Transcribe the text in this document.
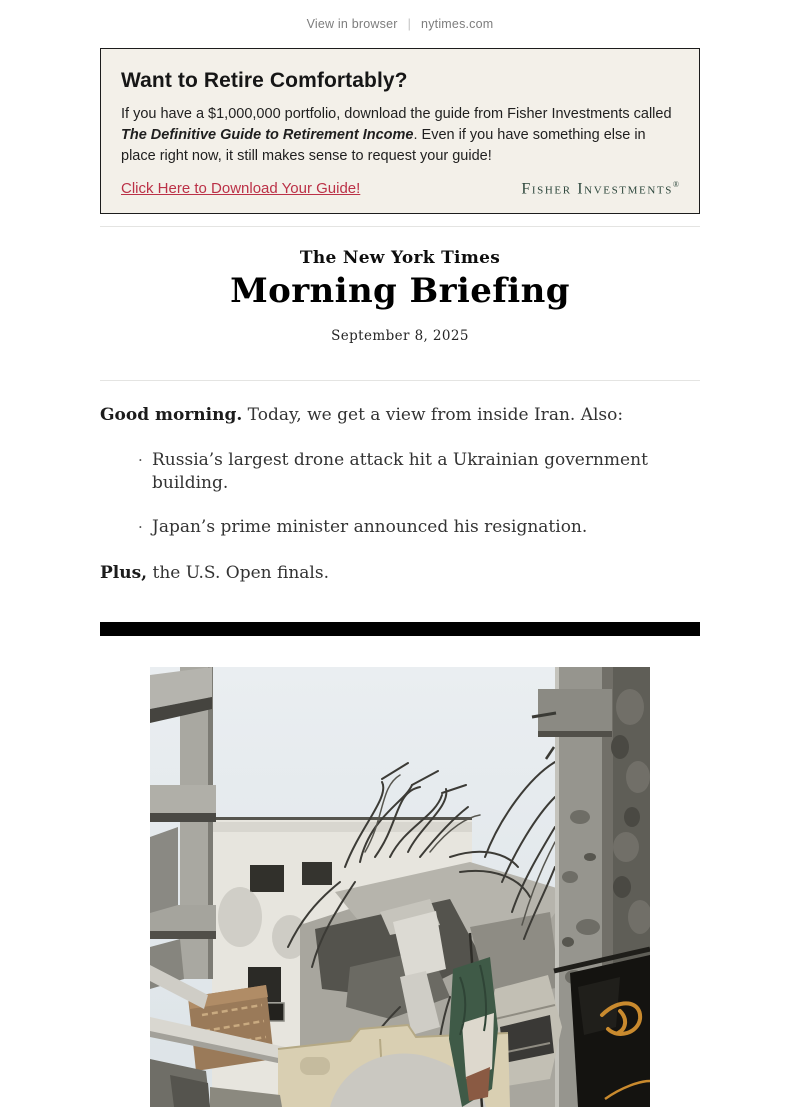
View in browser | nytimes.com
Want to Retire Comfortably?
If you have a $1,000,000 portfolio, download the guide from Fisher Investments called The Definitive Guide to Retirement Income. Even if you have something else in place right now, it still makes sense to request your guide!
Click Here to Download Your Guide!	Fisher Investments®
The New York Times
Morning Briefing
September 8, 2025
Good morning. Today, we get a view from inside Iran. Also:
· Russia’s largest drone attack hit a Ukrainian government building.
· Japan’s prime minister announced his resignation.
Plus, the U.S. Open finals.
